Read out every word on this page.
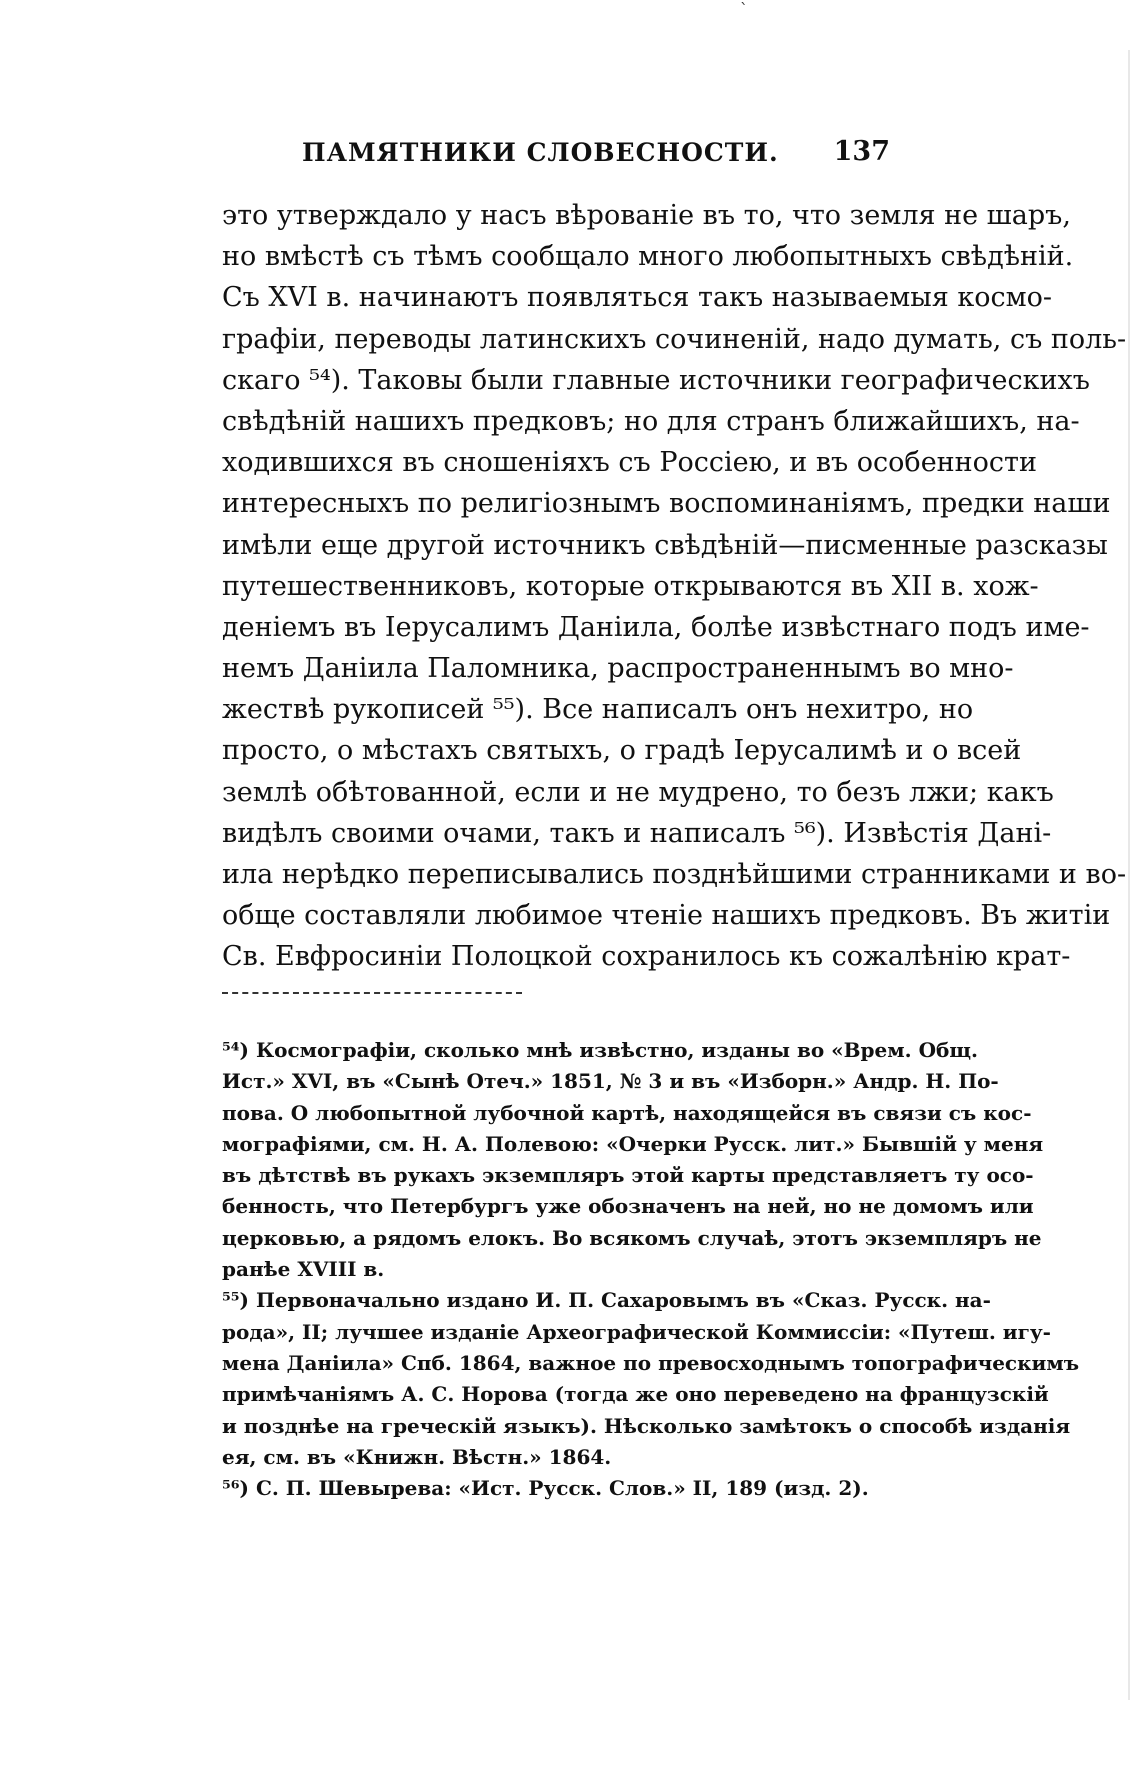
ˋ
ПАМЯТНИКИ СЛОВЕСНОСТИ. 137
это утверждало у насъ вѣрованіе въ то, что земля не шаръ,
но вмѣстѣ съ тѣмъ сообщало много любопытныхъ свѣдѣній.
Съ XVI в. начинаютъ появляться такъ называемыя космо-
графіи, переводы латинскихъ сочиненій, надо думать, съ поль-
скаго ⁵⁴). Таковы были главные источники географическихъ
свѣдѣній нашихъ предковъ; но для странъ ближайшихъ, на-
ходившихся въ сношеніяхъ съ Россіею, и въ особенности
интересныхъ по религіознымъ воспоминаніямъ, предки наши
имѣли еще другой источникъ свѣдѣній—писменные разсказы
путешественниковъ, которые открываются въ XII в. хож-
деніемъ въ Іерусалимъ Даніила, болѣе извѣстнаго подъ име-
немъ Даніила Паломника, распространеннымъ во мно-
жествѣ рукописей ⁵⁵). Все написалъ онъ нехитро, но
просто, о мѣстахъ святыхъ, о градѣ Іерусалимѣ и о всей
землѣ обѣтованной, если и не мудрено, то безъ лжи; какъ
видѣлъ своими очами, такъ и написалъ ⁵⁶). Извѣстія Дані-
ила нерѣдко переписывались позднѣйшими странниками и во-
обще составляли любимое чтеніе нашихъ предковъ. Въ житіи
Св. Евфросиніи Полоцкой сохранилось къ сожалѣнію крат-
⁵⁴) Космографіи, сколько мнѣ извѣстно, изданы во «Врем. Общ.
Ист.» XVI, въ «Сынѣ Отеч.» 1851, № 3 и въ «Изборн.» Андр. Н. По-
пова. О любопытной лубочной картѣ, находящейся въ связи съ кос-
мографіями, см. Н. А. Полевою: «Очерки Русск. лит.» Бывшій у меня
въ дѣтствѣ въ рукахъ экземпляръ этой карты представляетъ ту осо-
бенность, что Петербургъ уже обозначенъ на ней, но не домомъ или
церковью, а рядомъ елокъ. Во всякомъ случаѣ, этотъ экземпляръ не
ранѣе XVIII в.
⁵⁵) Первоначально издано И. П. Сахаровымъ въ «Сказ. Русск. на-
рода», II; лучшее изданіе Археографической Коммиссіи: «Путеш. игу-
мена Даніила» Спб. 1864, важное по превосходнымъ топографическимъ
примѣчаніямъ А. С. Норова (тогда же оно переведено на французскій
и позднѣе на греческій языкъ). Нѣсколько замѣтокъ о способѣ изданія
ея, см. въ «Книжн. Вѣстн.» 1864.
⁵⁶) С. П. Шевырева: «Ист. Русск. Слов.» II, 189 (изд. 2).
